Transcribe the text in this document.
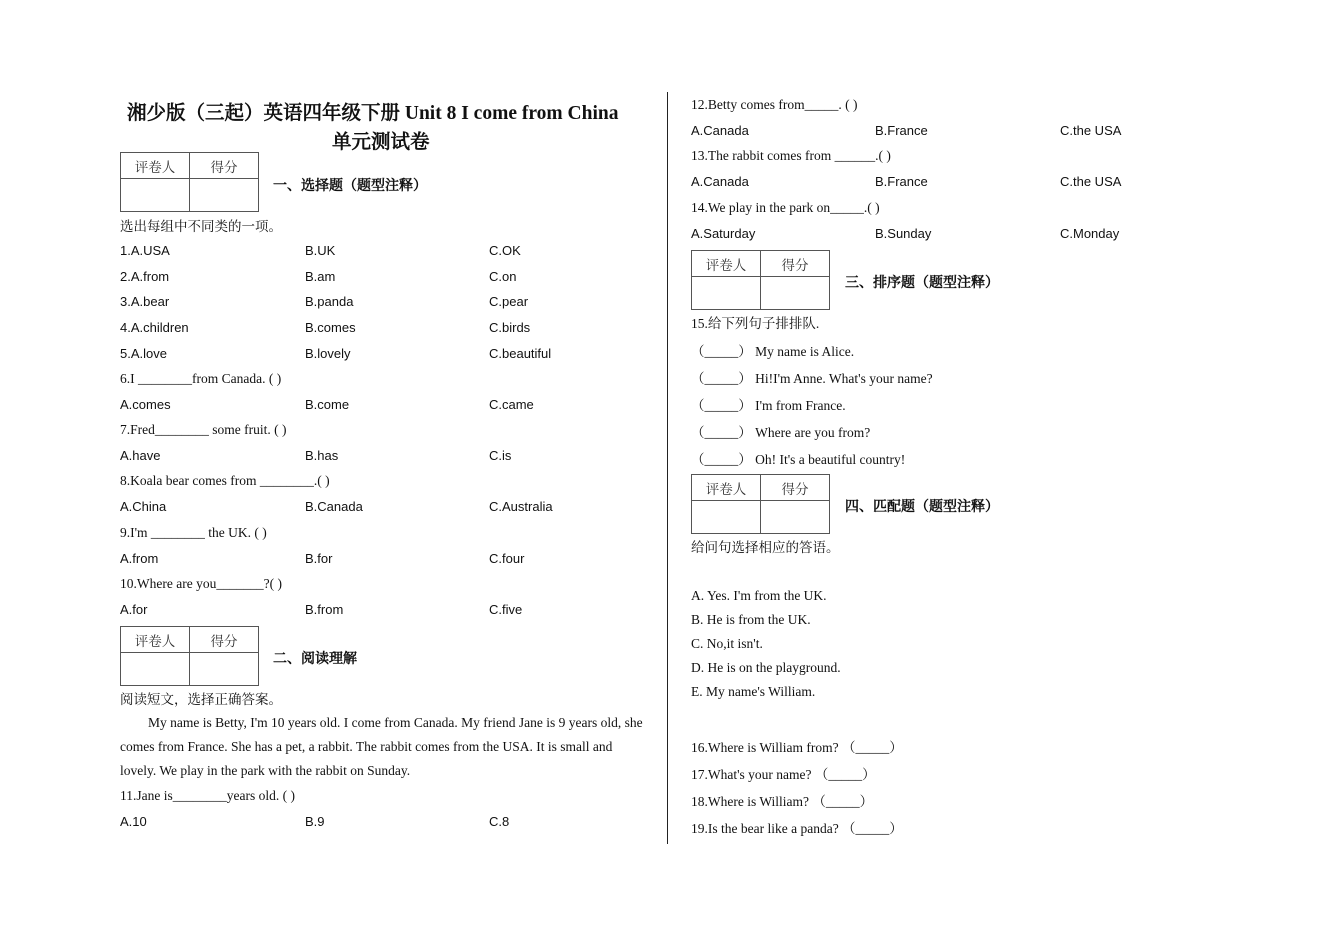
湘少版（三起）英语四年级下册 Unit 8 I come from China
单元测试卷
评卷人	得分

一、选择题（题型注释）
选出每组中不同类的一项。
1.A.USA	B.UK	C.OK
2.A.from	B.am	C.on
3.A.bear	B.panda	C.pear
4.A.children	B.comes	C.birds
5.A.love	B.lovely	C.beautiful
6.I ________from Canada. ( )
A.comes	B.come	C.came
7.Fred________ some fruit. ( )
A.have	B.has	C.is
8.Koala bear comes from ________.( )
A.China	B.Canada	C.Australia
9.I'm ________ the UK. ( )
A.from	B.for	C.four
10.Where are you_______?( )
A.for	B.from	C.five
评卷人	得分

二、阅读理解
阅读短文，选择正确答案。
My name is Betty, I'm 10 years old. I come from Canada. My friend Jane is 9 years old, she comes from France. She has a pet, a rabbit. The rabbit comes from the USA. It is small and lovely. We play in the park with the rabbit on Sunday.
11.Jane is________years old. ( )
A.10	B.9	C.8
12.Betty comes from_____. ( )
A.Canada	B.France	C.the USA
13.The rabbit comes from ______.( )
A.Canada	B.France	C.the USA
14.We play in the park on_____.( )
A.Saturday	B.Sunday	C.Monday
评卷人	得分

三、排序题（题型注释）
15.给下列句子排排队.
（_____） My name is Alice.
（_____） Hi!I'm Anne. What's your name?
（_____） I'm from France.
（_____） Where are you from?
（_____） Oh! It's a beautiful country!
评卷人	得分

四、匹配题（题型注释）
给问句选择相应的答语。
A. Yes. I'm from the UK.
B. He is from the UK.
C. No,it isn't.
D. He is on the playground.
E. My name's William.
16.Where is William from? （_____）
17.What's your name? （_____）
18.Where is William? （_____）
19.Is the bear like a panda? （_____）
